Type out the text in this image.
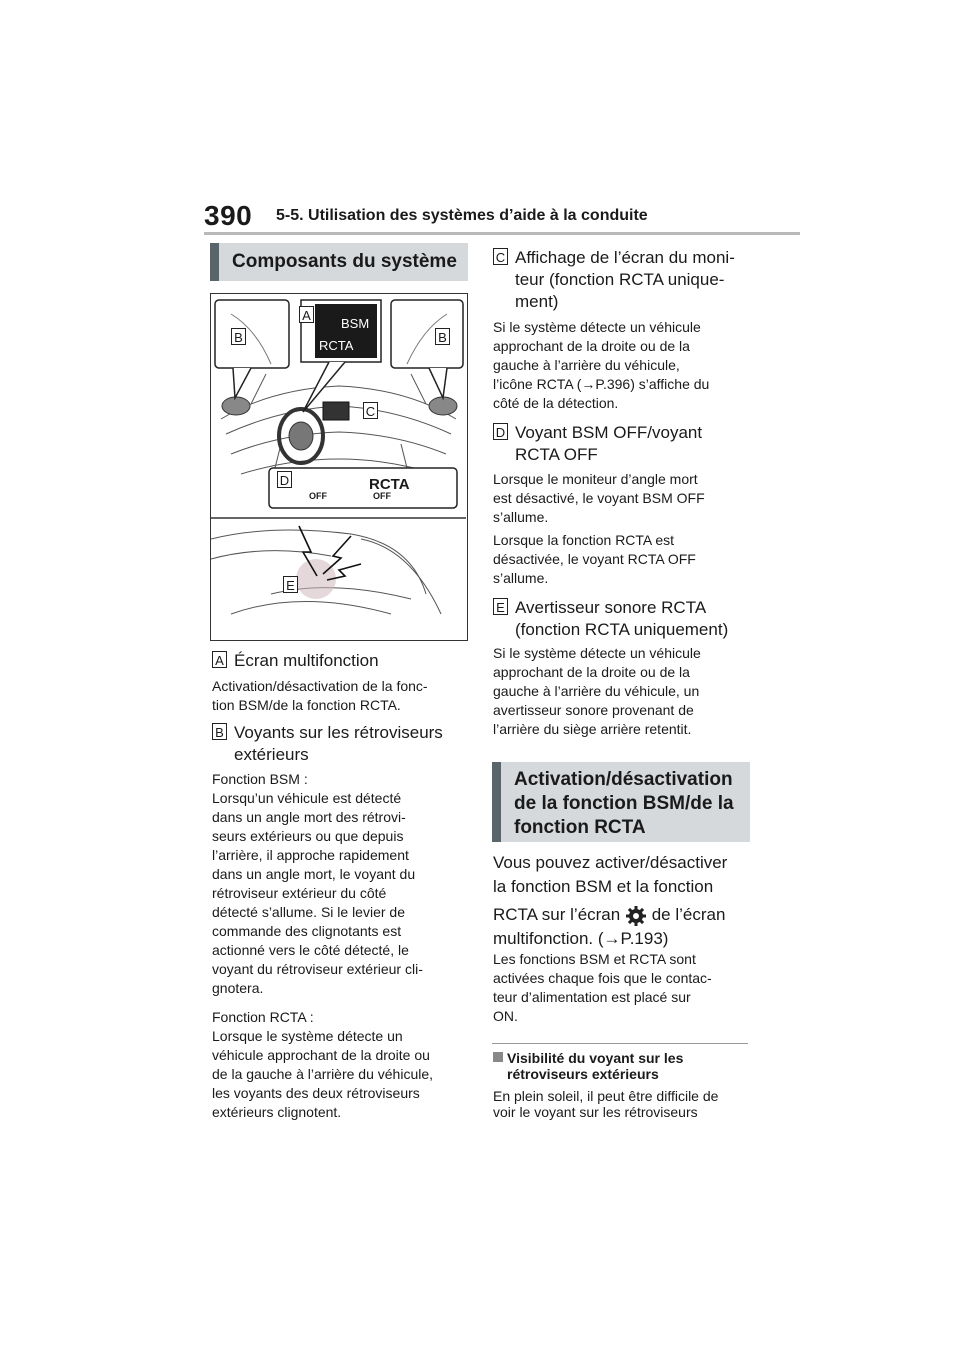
390 5-5. Utilisation des systèmes d’aide à la conduite
Composants du système
B	B
A
C
D
E
BSM
RCTA
RCTA
OFF	OFF
A Écran multifonction
Activation/désactivation de la fonc-
tion BSM/de la fonction RCTA.
B Voyants sur les rétroviseurs
extérieurs
Fonction BSM :
Lorsqu’un véhicule est détecté
dans un angle mort des rétrovi-
seurs extérieurs ou que depuis
l’arrière, il approche rapidement
dans un angle mort, le voyant du
rétroviseur extérieur du côté
détecté s’allume. Si le levier de
commande des clignotants est
actionné vers le côté détecté, le
voyant du rétroviseur extérieur cli-
gnotera.
Fonction RCTA :
Lorsque le système détecte un
véhicule approchant de la droite ou
de la gauche à l’arrière du véhicule,
les voyants des deux rétroviseurs
extérieurs clignotent.
C Affichage de l’écran du moni-
teur (fonction RCTA unique-
ment)
Si le système détecte un véhicule
approchant de la droite ou de la
gauche à l’arrière du véhicule,
l’icône RCTA (→P.396) s’affiche du
côté de la détection.
D Voyant BSM OFF/voyant
RCTA OFF
Lorsque le moniteur d’angle mort
est désactivé, le voyant BSM OFF
s’allume.
Lorsque la fonction RCTA est
désactivée, le voyant RCTA OFF
s’allume.
E Avertisseur sonore RCTA
(fonction RCTA uniquement)
Si le système détecte un véhicule
approchant de la droite ou de la
gauche à l’arrière du véhicule, un
avertisseur sonore provenant de
l’arrière du siège arrière retentit.
Activation/désactivation
de la fonction BSM/de la
fonction RCTA
Vous pouvez activer/désactiver
la fonction BSM et la fonction
RCTA sur l’écran de l’écran
multifonction. (→P.193)
Les fonctions BSM et RCTA sont
activées chaque fois que le contac-
teur d’alimentation est placé sur
ON.
Visibilité du voyant sur les
rétroviseurs extérieurs
En plein soleil, il peut être difficile de
voir le voyant sur les rétroviseurs
